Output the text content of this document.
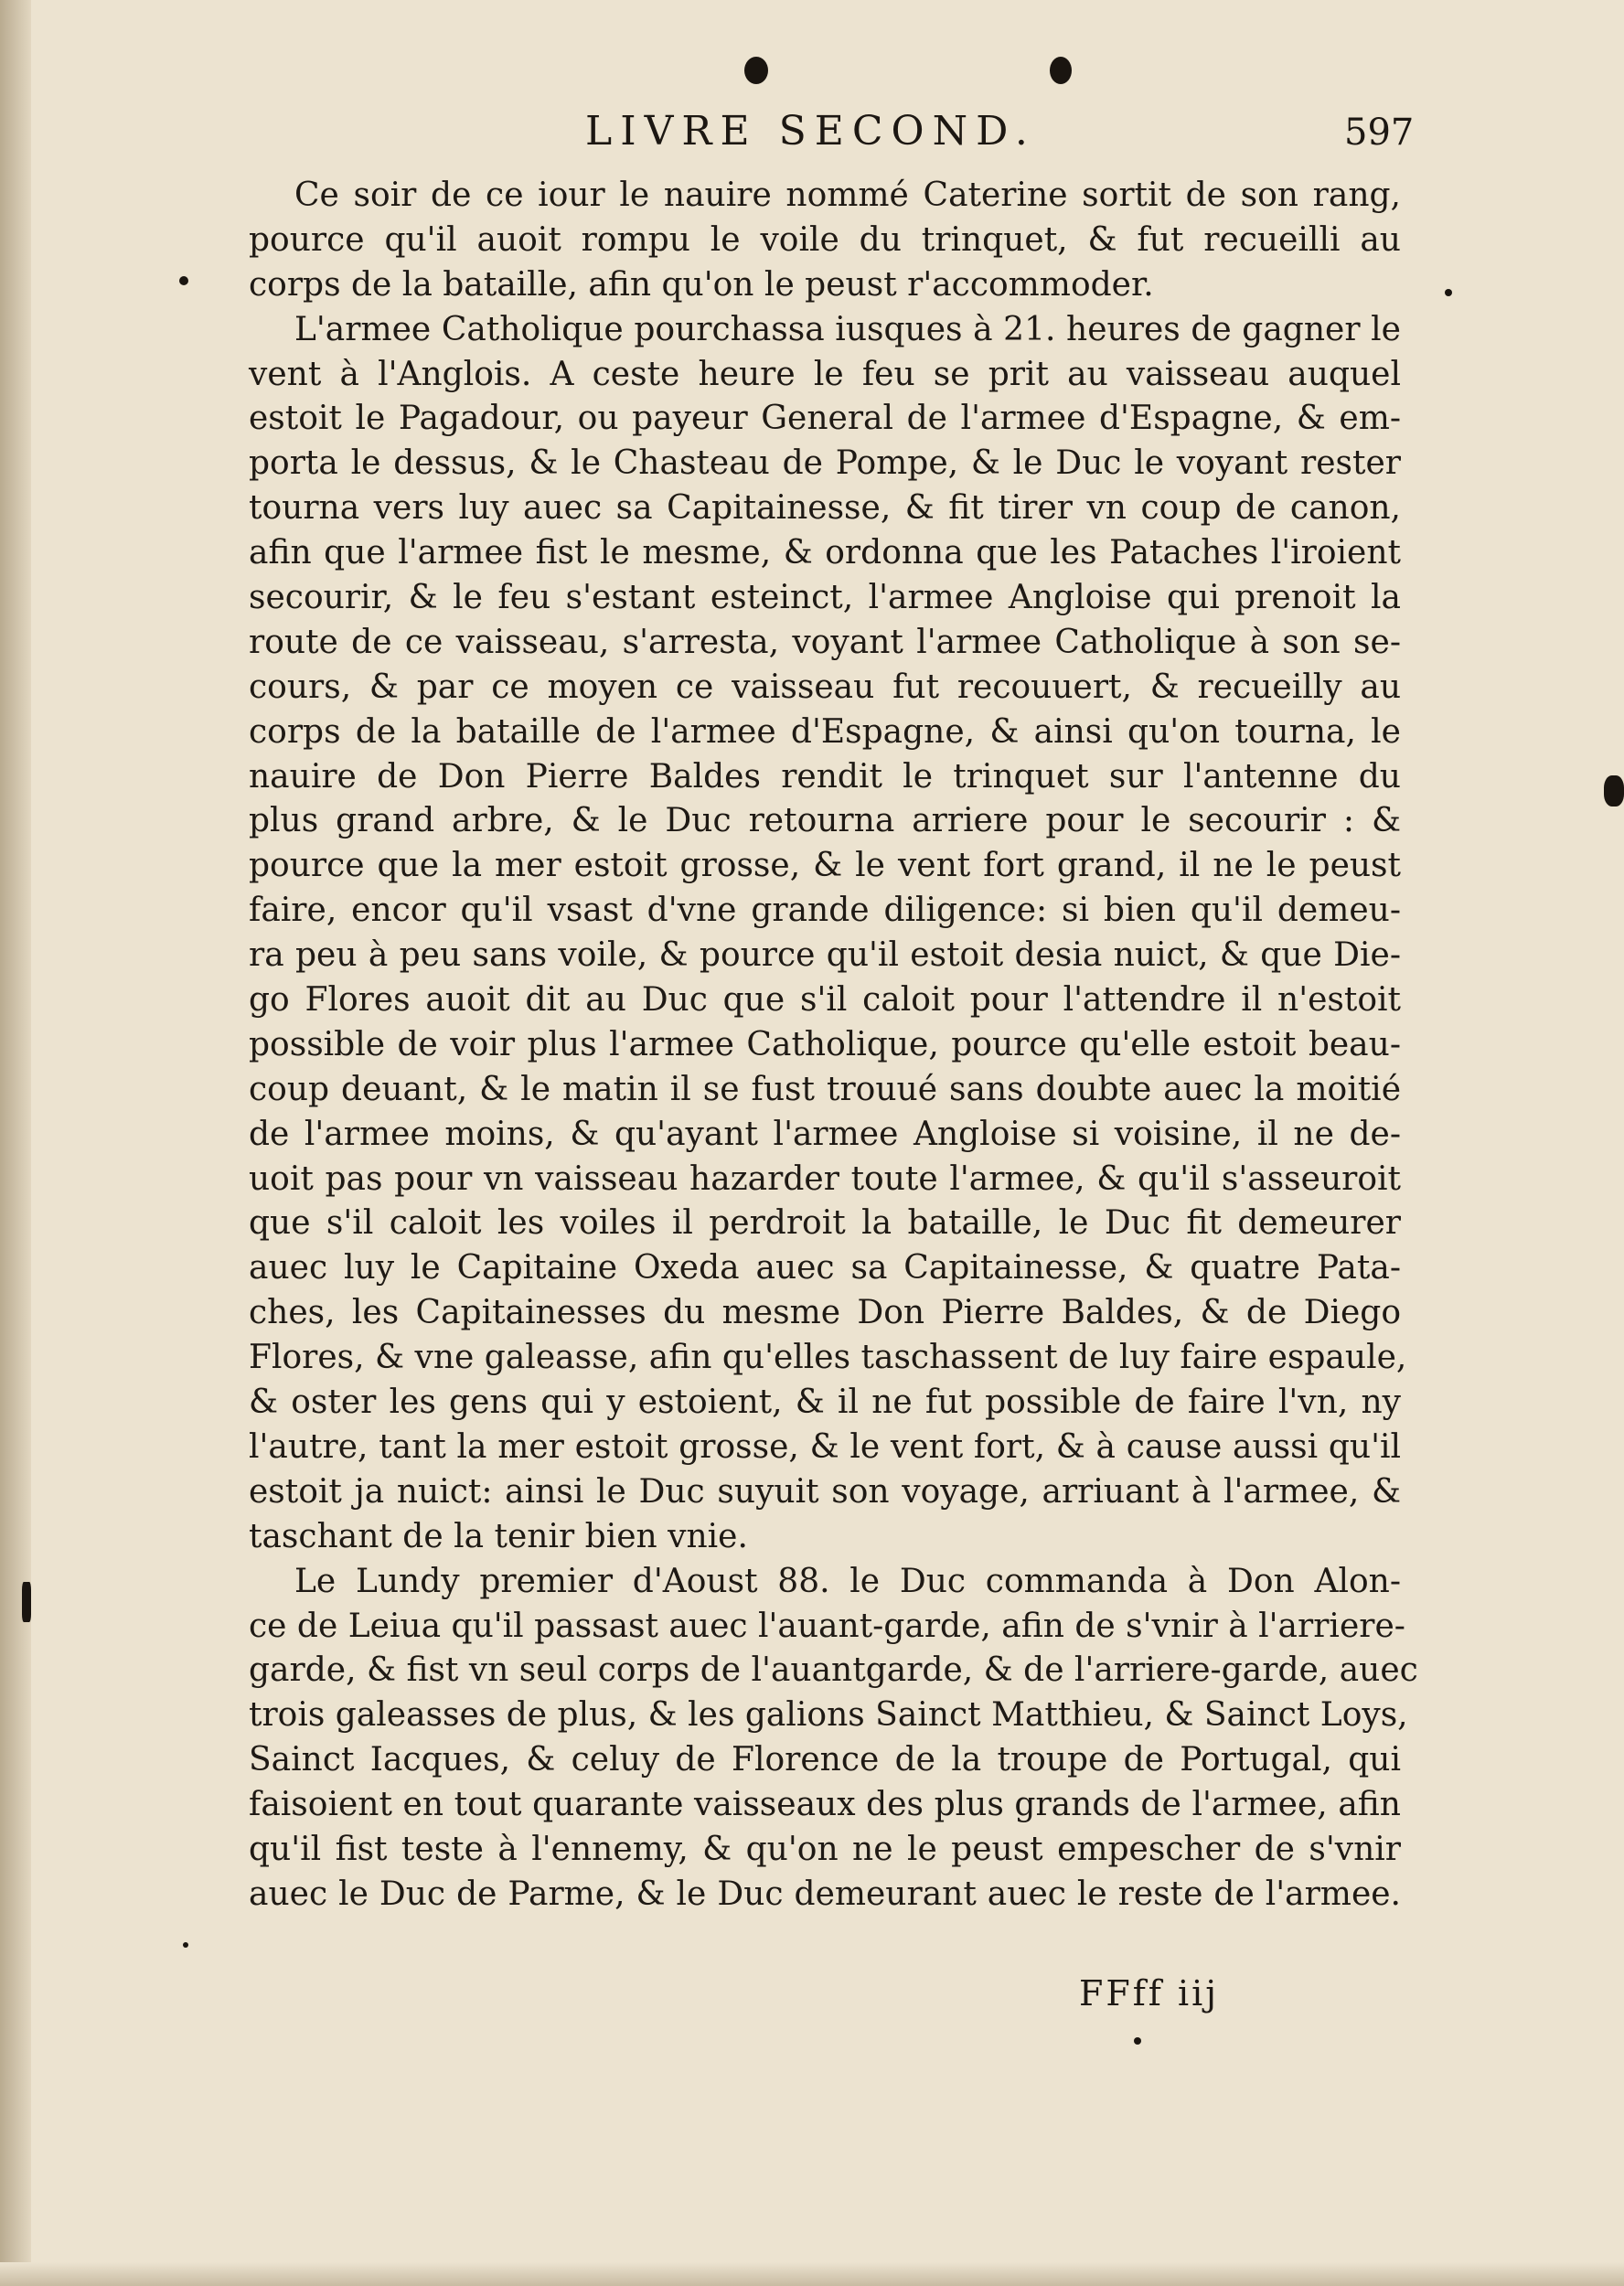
LIVRE SECOND.	597
Ce soir de ce iour le nauire nommé Caterine sortit de son rang,
pource qu'il auoit rompu le voile du trinquet, & fut recueilli au
corps de la bataille, afin qu'on le peust r'accommoder.
L'armee Catholique pourchassa iusques à 21. heures de gagner le
vent à l'Anglois. A ceste heure le feu se prit au vaisseau auquel
estoit le Pagadour, ou payeur General de l'armee d'Espagne, & em-
porta le dessus, & le Chasteau de Pompe, & le Duc le voyant rester
tourna vers luy auec sa Capitainesse, & fit tirer vn coup de canon,
afin que l'armee fist le mesme, & ordonna que les Pataches l'iroient
secourir, & le feu s'estant esteinct, l'armee Angloise qui prenoit la
route de ce vaisseau, s'arresta, voyant l'armee Catholique à son se-
cours, & par ce moyen ce vaisseau fut recouuert, & recueilly au
corps de la bataille de l'armee d'Espagne, & ainsi qu'on tourna, le
nauire de Don Pierre Baldes rendit le trinquet sur l'antenne du
plus grand arbre, & le Duc retourna arriere pour le secourir : &
pource que la mer estoit grosse, & le vent fort grand, il ne le peust
faire, encor qu'il vsast d'vne grande diligence: si bien qu'il demeu-
ra peu à peu sans voile, & pource qu'il estoit desia nuict, & que Die-
go Flores auoit dit au Duc que s'il caloit pour l'attendre il n'estoit
possible de voir plus l'armee Catholique, pource qu'elle estoit beau-
coup deuant, & le matin il se fust trouué sans doubte auec la moitié
de l'armee moins, & qu'ayant l'armee Angloise si voisine, il ne de-
uoit pas pour vn vaisseau hazarder toute l'armee, & qu'il s'asseuroit
que s'il caloit les voiles il perdroit la bataille, le Duc fit demeurer
auec luy le Capitaine Oxeda auec sa Capitainesse, & quatre Pata-
ches, les Capitainesses du mesme Don Pierre Baldes, & de Diego
Flores, & vne galeasse, afin qu'elles taschassent de luy faire espaule,
& oster les gens qui y estoient, & il ne fut possible de faire l'vn, ny
l'autre, tant la mer estoit grosse, & le vent fort, & à cause aussi qu'il
estoit ja nuict: ainsi le Duc suyuit son voyage, arriuant à l'armee, &
taschant de la tenir bien vnie.
Le Lundy premier d'Aoust 88. le Duc commanda à Don Alon-
ce de Leiua qu'il passast auec l'auant-garde, afin de s'vnir à l'arriere-
garde, & fist vn seul corps de l'auantgarde, & de l'arriere-garde, auec
trois galeasses de plus, & les galions Sainct Matthieu, & Sainct Loys,
Sainct Iacques, & celuy de Florence de la troupe de Portugal, qui
faisoient en tout quarante vaisseaux des plus grands de l'armee, afin
qu'il fist teste à l'ennemy, & qu'on ne le peust empescher de s'vnir
auec le Duc de Parme, & le Duc demeurant auec le reste de l'armee.
FFff iij
